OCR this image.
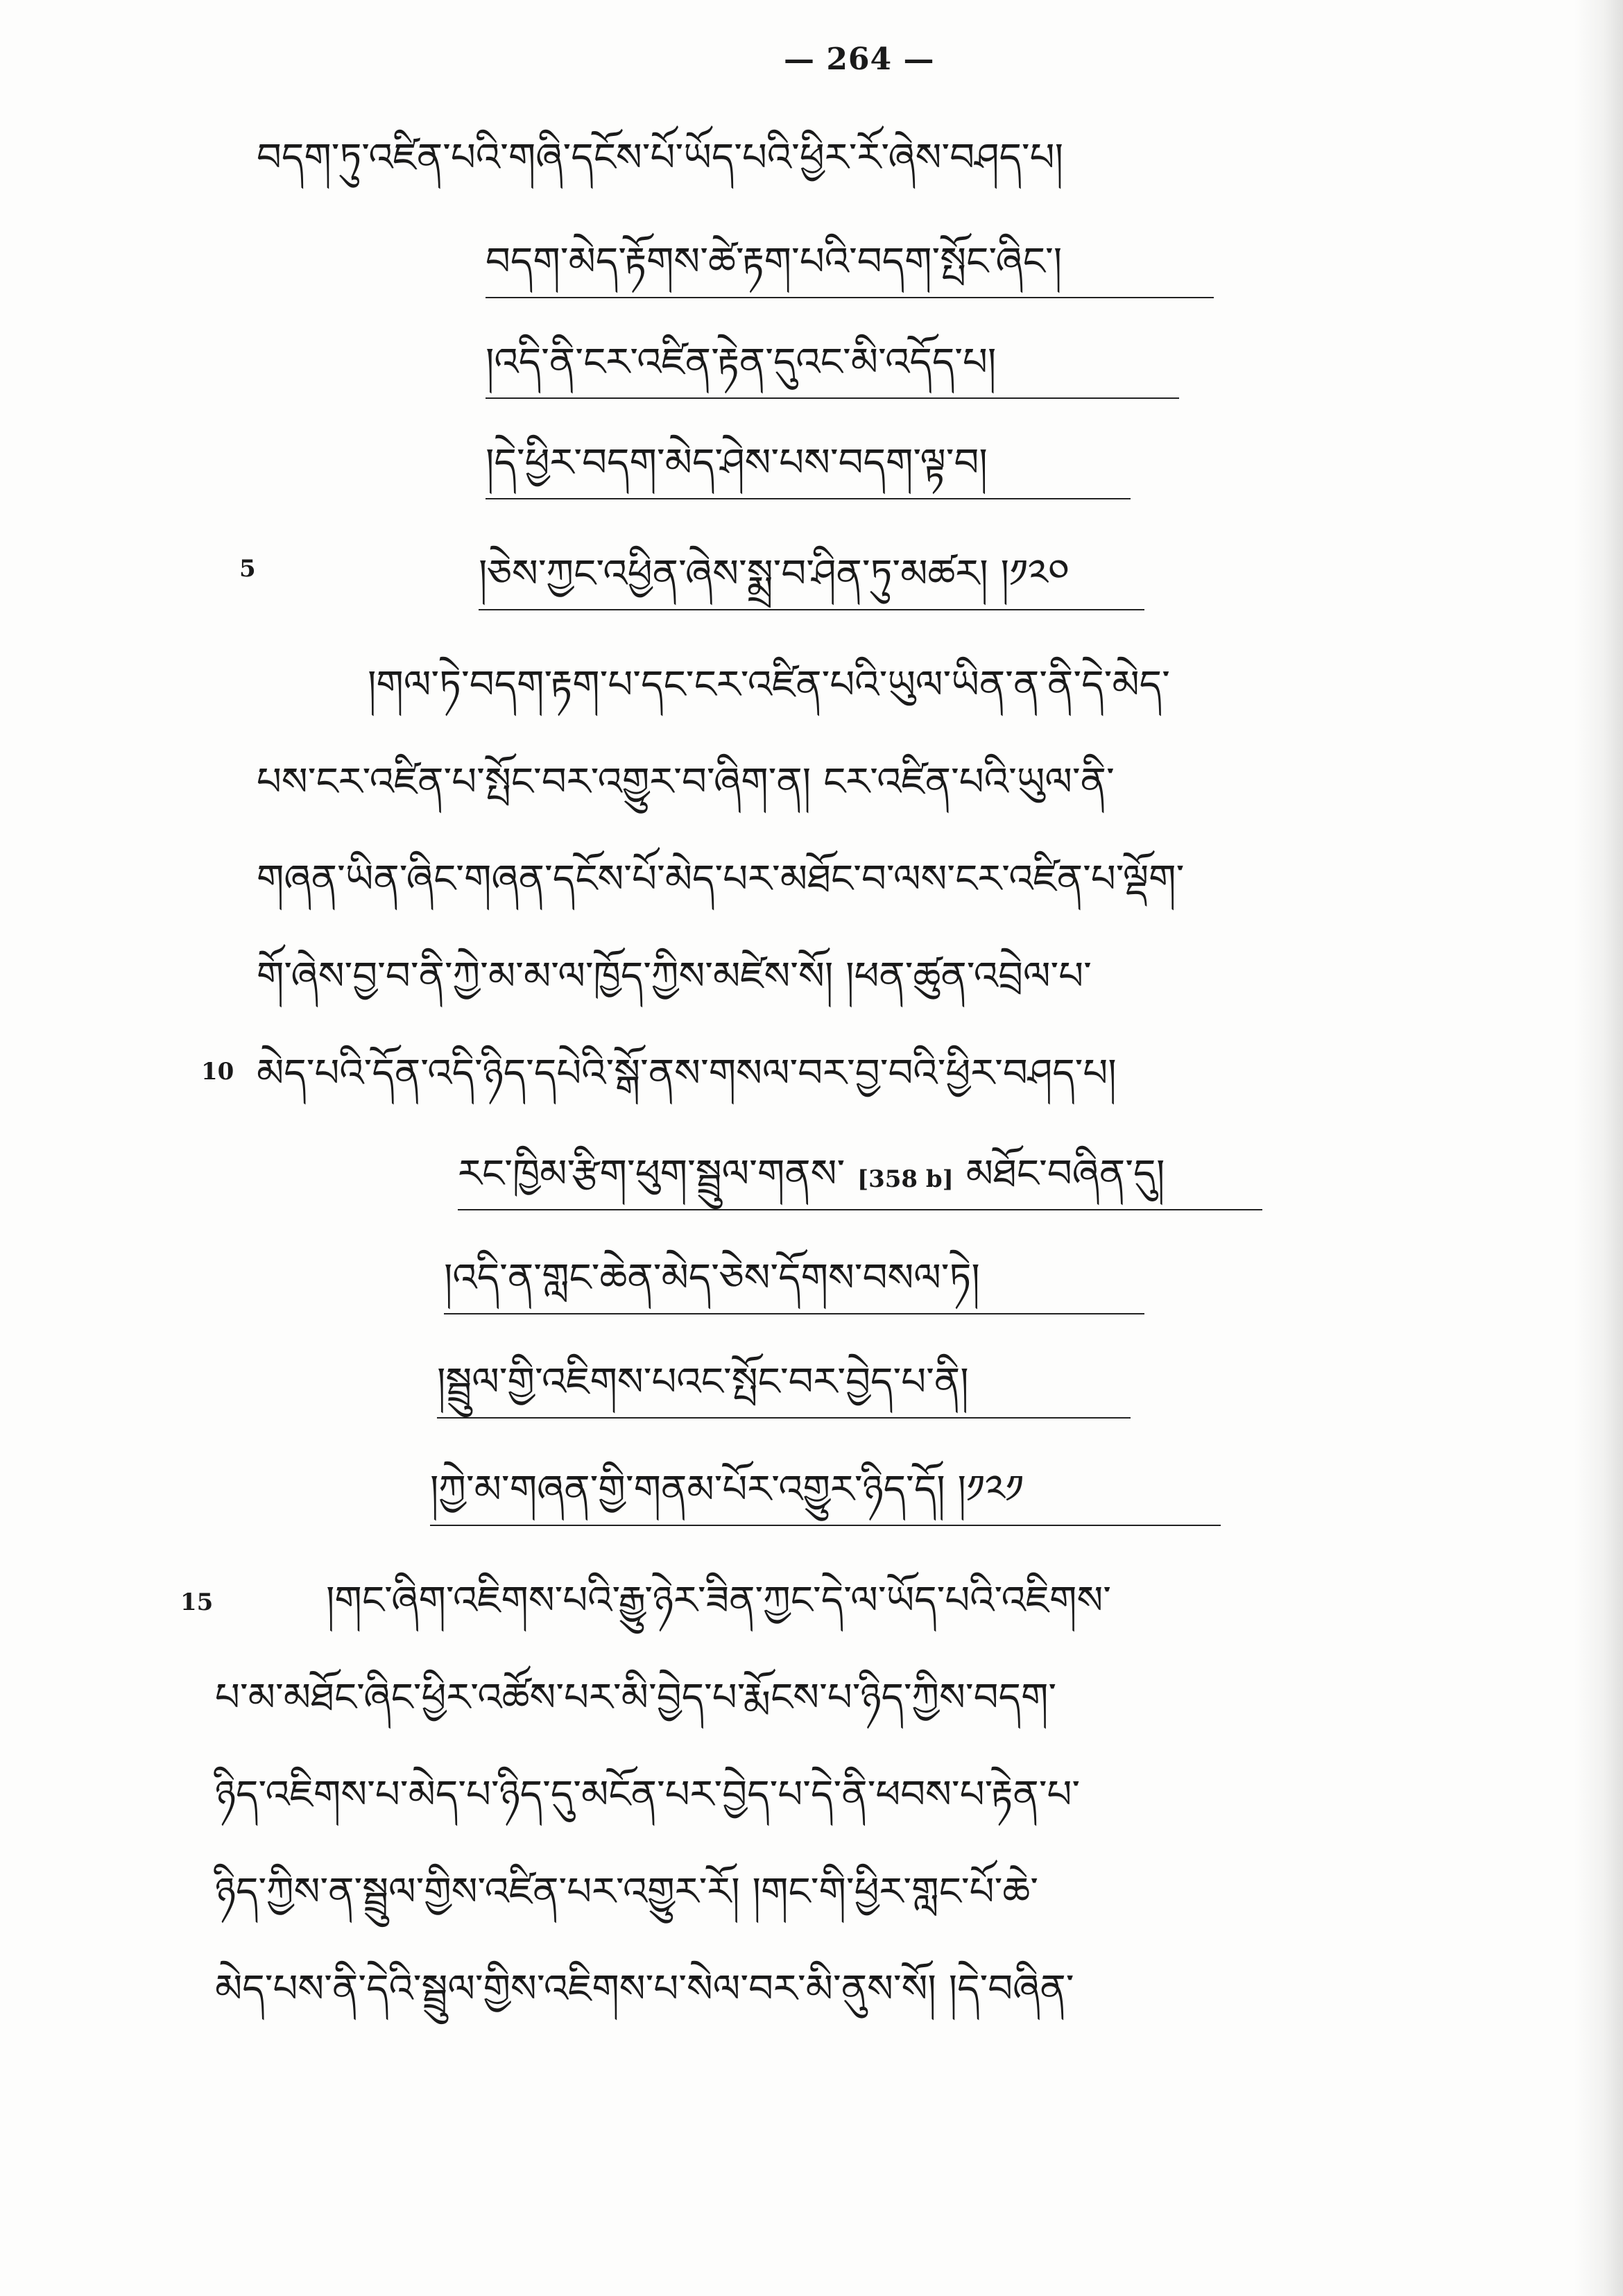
— 264 —
བདག་ཏུ་འཛིན་པའི་གཞི་དངོས་པོ་ཡོད་པའི་ཕྱིར་རོ་ཞེས་བཤད་པ།
བདག་མེད་རྟོགས་ཚེ་རྟག་པའི་བདག་སྤོང་ཞིང་།
།འདི་ནི་ངར་འཛིན་རྟེན་དུའང་མི་འདོད་པ།
།དེ་ཕྱིར་བདག་མེད་ཤེས་པས་བདག་ལྟ་བ།
5	།ཅེས་ཀྱང་འཕྱིན་ཞེས་སྨྲ་བ་ཤིན་ཏུ་མཚར། །༡༢༠
།གལ་ཏེ་བདག་རྟག་པ་དང་ངར་འཛིན་པའི་ཡུལ་ཡིན་ན་ནི་དེ་མེད་
པས་ངར་འཛིན་པ་སྤོང་བར་འགྱུར་བ་ཞིག་ན། ངར་འཛིན་པའི་ཡུལ་ནི་
གཞན་ཡིན་ཞིང་གཞན་དངོས་པོ་མེད་པར་མཐོང་བ་ལས་ངར་འཛིན་པ་ལྡོག་
གོ་ཞེས་བྱ་བ་ནི་ཀྱེ་མ་མ་ལ་ཁྱོད་ཀྱིས་མཛེས་སོ། །ཕན་ཚུན་འབྲེལ་པ་
10 མེད་པའི་དོན་འདི་ཉིད་དཔེའི་སྒོ་ནས་གསལ་བར་བྱ་བའི་ཕྱིར་བཤད་པ།
རང་ཁྱིམ་རྩིག་ཕུག་སྦྲུལ་གནས་ [358 b] མཐོང་བཞིན་དུ།
།འདི་ན་གླང་ཆེན་མེད་ཅེས་དོགས་བསལ་ཏེ།
།སྦྲུལ་གྱི་འཇིགས་པའང་སྤོང་བར་བྱེད་པ་ནི།
།ཀྱེ་མ་གཞན་གྱི་གནམ་པོར་འགྱུར་ཉིད་དོ། །༡༢༡
15	།གང་ཞིག་འཇིགས་པའི་རྒྱུ་ཉེར་ཟིན་ཀྱང་དེ་ལ་ཡོད་པའི་འཇིགས་
པ་མ་མཐོང་ཞིང་ཕྱིར་འཚོས་པར་མི་བྱེད་པ་རྨོངས་པ་ཉིད་ཀྱིས་བདག་
ཉིད་འཇིགས་པ་མེད་པ་ཉིད་དུ་མངོན་པར་བྱེད་པ་དེ་ནི་ཕབས་པ་རྟེན་པ་
ཉིད་ཀྱིས་ན་སྦྲུལ་གྱིས་འཛིན་པར་འགྱུར་རོ། །གང་གི་ཕྱིར་གླང་པོ་ཆེ་
མེད་པས་ནི་དེའི་སྦྲུལ་གྱིས་འཇིགས་པ་སེལ་བར་མི་ནུས་སོ། །དེ་བཞིན་
